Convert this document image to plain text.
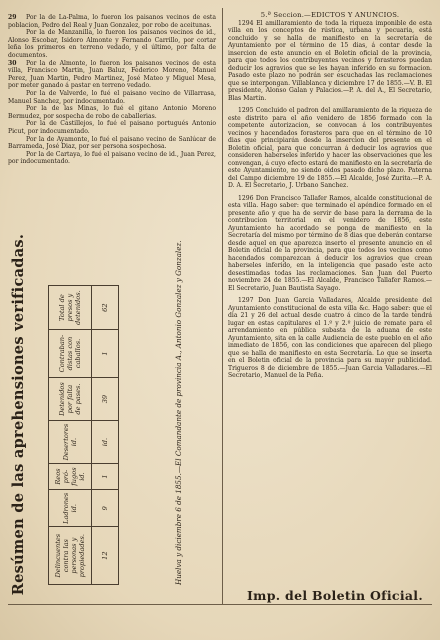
29 Por la de La-Palma, lo fueron los paisanos vecinos de esta poblacion, Pedro del Real y Juan Gonzalez, por robo de aceitunas.

Por la de Manzanilla, lo fueron los paisanos vecinos de id., Alonso Escobar, Isidoro Almonte y Fernando Carrillo, por cortar leña los primeros en terreno vedado, y el último, por falta de documentos.

30 Por la de Almonte, lo fueron los paisanos vecinos de esta villa, Francisco Martin, Juan Baluz, Federico Moreno, Manuel Perez, Juan Martin, Pedro Martinez, José Mateo y Miguel Mesa, por meter ganado á pastar en terreno vedado.

Por la de Valverde, lo fué el paisano vecino de Villarrasa, Manuel Sanchez, por indocumentado.

Por la de las Minas, lo fué el gitano Antonio Moreno Bermudez, por sospecha de robo de caballerias.

Por la de Castillejos, lo fué el paisano portugués Antonio Picut, por indocumentado.

Por la de Ayamonte, lo fué el paisano vecino de Sanlúcar de Barrameda, José Diaz, por ser persona sospechosa.

Por la de Cartaya, lo fué el paisano vecino de id., Juan Perez, por indocumentado.

Resúmen de las aprehensiones verificadas.	Delincuentes contra las personas y propiedades.	Ladrones id.	Reos pró-fugos id.	Desertores id.	Detenidos por falta de pases.	Contraban-distas con caballos.	Total de presos y detenidos.
12	9	1	id.	39	1	62	Huelva y diciembre 6 de 1855.—El Comandante de provincia A., Antonio Gonzalez y Gonzalez.

5.ª Seccion.—EDICTOS Y ANUNCIOS.

1294 El amillaramiento de toda la riqueza imponible de esta villa en los conceptos de rústica, urbana y pecuaria, está concluido y se halla de manifiesto en la secretaría de Ayuntamiento por el término de 15 dias, á contar desde la insercion de este anuncio en el Boletin oficial de la provincia, para que todos los contribuyentes vecinos y forasteros puedan deducir los agravios que se les hayan inferido en su formacion. Pasado este plazo no podrán ser escuchadas las reclamaciones que se interpongan. Villablanca y diciembre 17 de 1855.—V. B. El presidente, Alonso Galan y Palacios.—P. A. del A., El Secretario, Blas Martin.

1295 Concluido el padron del amillaramiento de la riqueza de este distrito para el año venidero de 1856 formado con la competente autorizacion, se convocan á los contribuyentes vecinos y hacendados forasteros para que en el término de 10 dias que principiarán desde la insercion del presente en el Boletin oficial, para que concurran á deducir los agravios que consideren haberseles inferido y hacer las observaciones que les convengan, á cuyo efecto estará de manifiesto en la secretaría de este Ayuntamiento, no siendo oidos pasado dicho plazo. Paterna del Campo diciembre 19 de 1855.—El Alcalde, José Zurita.—P. A. D. A. El Secretario, J. Urbano Sanchez.

1296 Don Francisco Tallafer Ramos, alcalde constitucional de esta villa. Hago saber: que terminado el apéndice formado en el presente año y que ha de servir de base para la derrama de la contribucion territorial en el venidero de 1856, este Ayuntamiento ha acordado se ponga de manifiesto en la Secretaría del mismo por término de 8 dias que deberán contarse desde aquel en que aparezca inserto el presente anuncio en el Boletin oficial de la provincia, para que todos los vecinos como hacendados comparezcan á deducir los agravios que crean haberseles inferido, en la inteligencia que pasado este acto desestimadas todas las reclamaciones. San Juan del Puerto noviembre 24 de 1855.—El Alcalde, Francisco Tallafer Ramos.—El Secretario, Juan Bautista Sayago.

1297 Don Juan Garcia Valladares, Alcalde presidente del Ayuntamiento constitucional de esta villa &c. Hago saber: que el dia 21 y 26 del actual desde cuatro á cinco de la tarde tendrá lugar en estas capitulares el 1.º y 2.º juicio de remate para el arrendamiento en pública subasta de la aduana de este Ayuntamiento, sita en la calle Audiencia de este pueblo en el año inmediato de 1856, con las condiciones que aparecen del pliego que se halla de manifiesto en esta Secretaría. Lo que se inserta en el Boletin oficial de la provincia para su mayor publicidad. Trigueros 8 de diciembre de 1855.—Juan Garcia Valladares.—El Secretario, Manuel de la Peña.

Imp. del Boletin Oficial.
